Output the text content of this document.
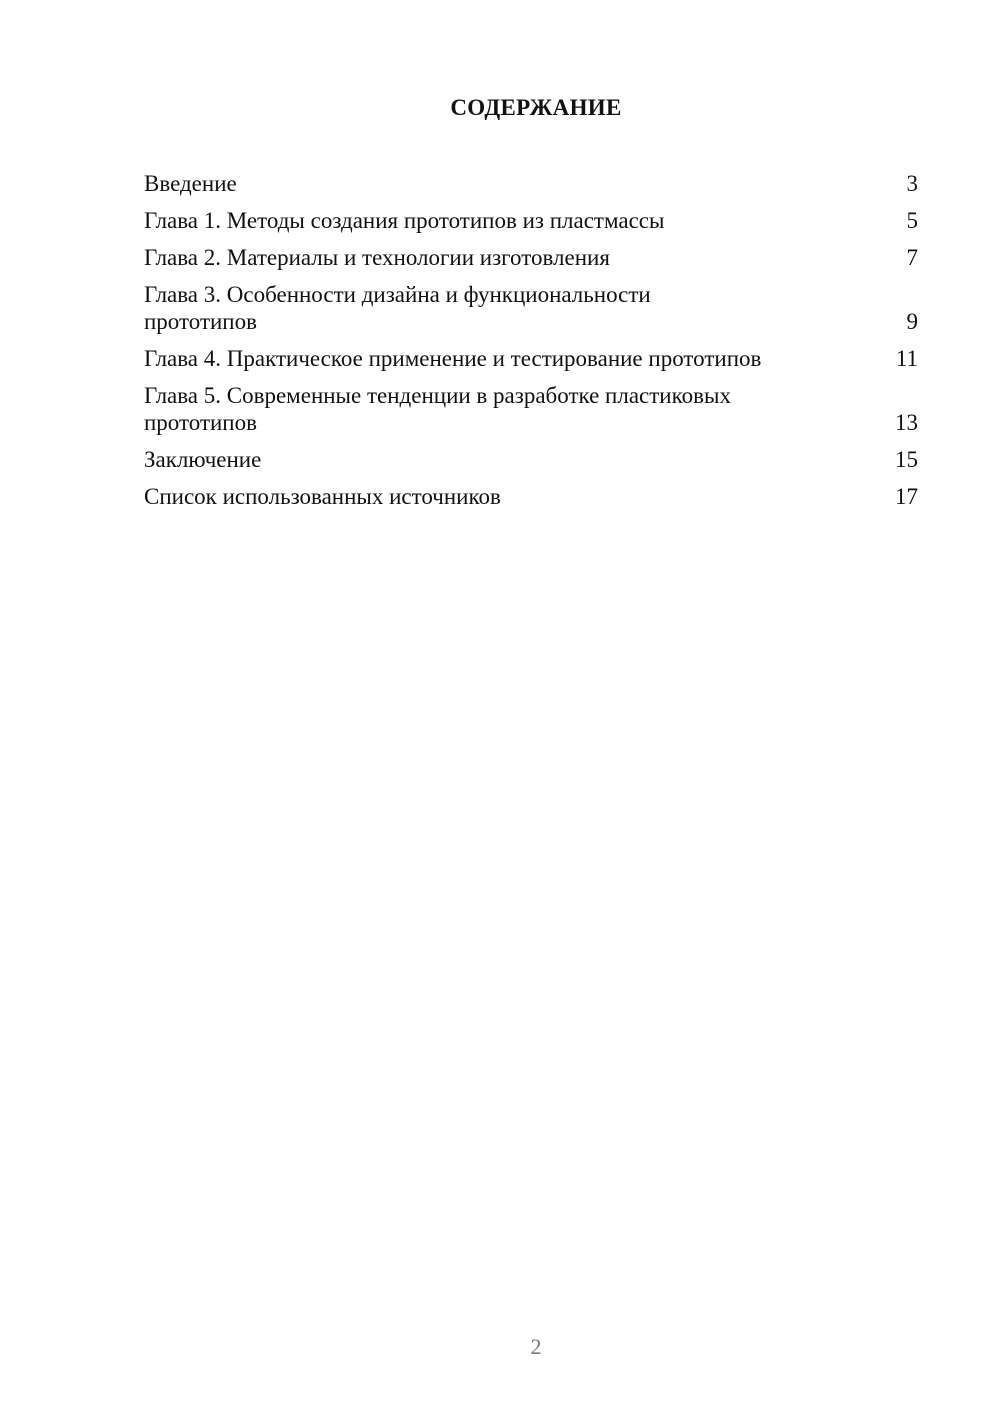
СОДЕРЖАНИЕ
Введение	3
Глава 1. Методы создания прототипов из пластмассы	5
Глава 2. Материалы и технологии изготовления	7
Глава 3. Особенности дизайна и функциональности прототипов	9
Глава 4. Практическое применение и тестирование прототипов	11
Глава 5. Современные тенденции в разработке пластиковых прототипов	13
Заключение	15
Список использованных источников	17
2
